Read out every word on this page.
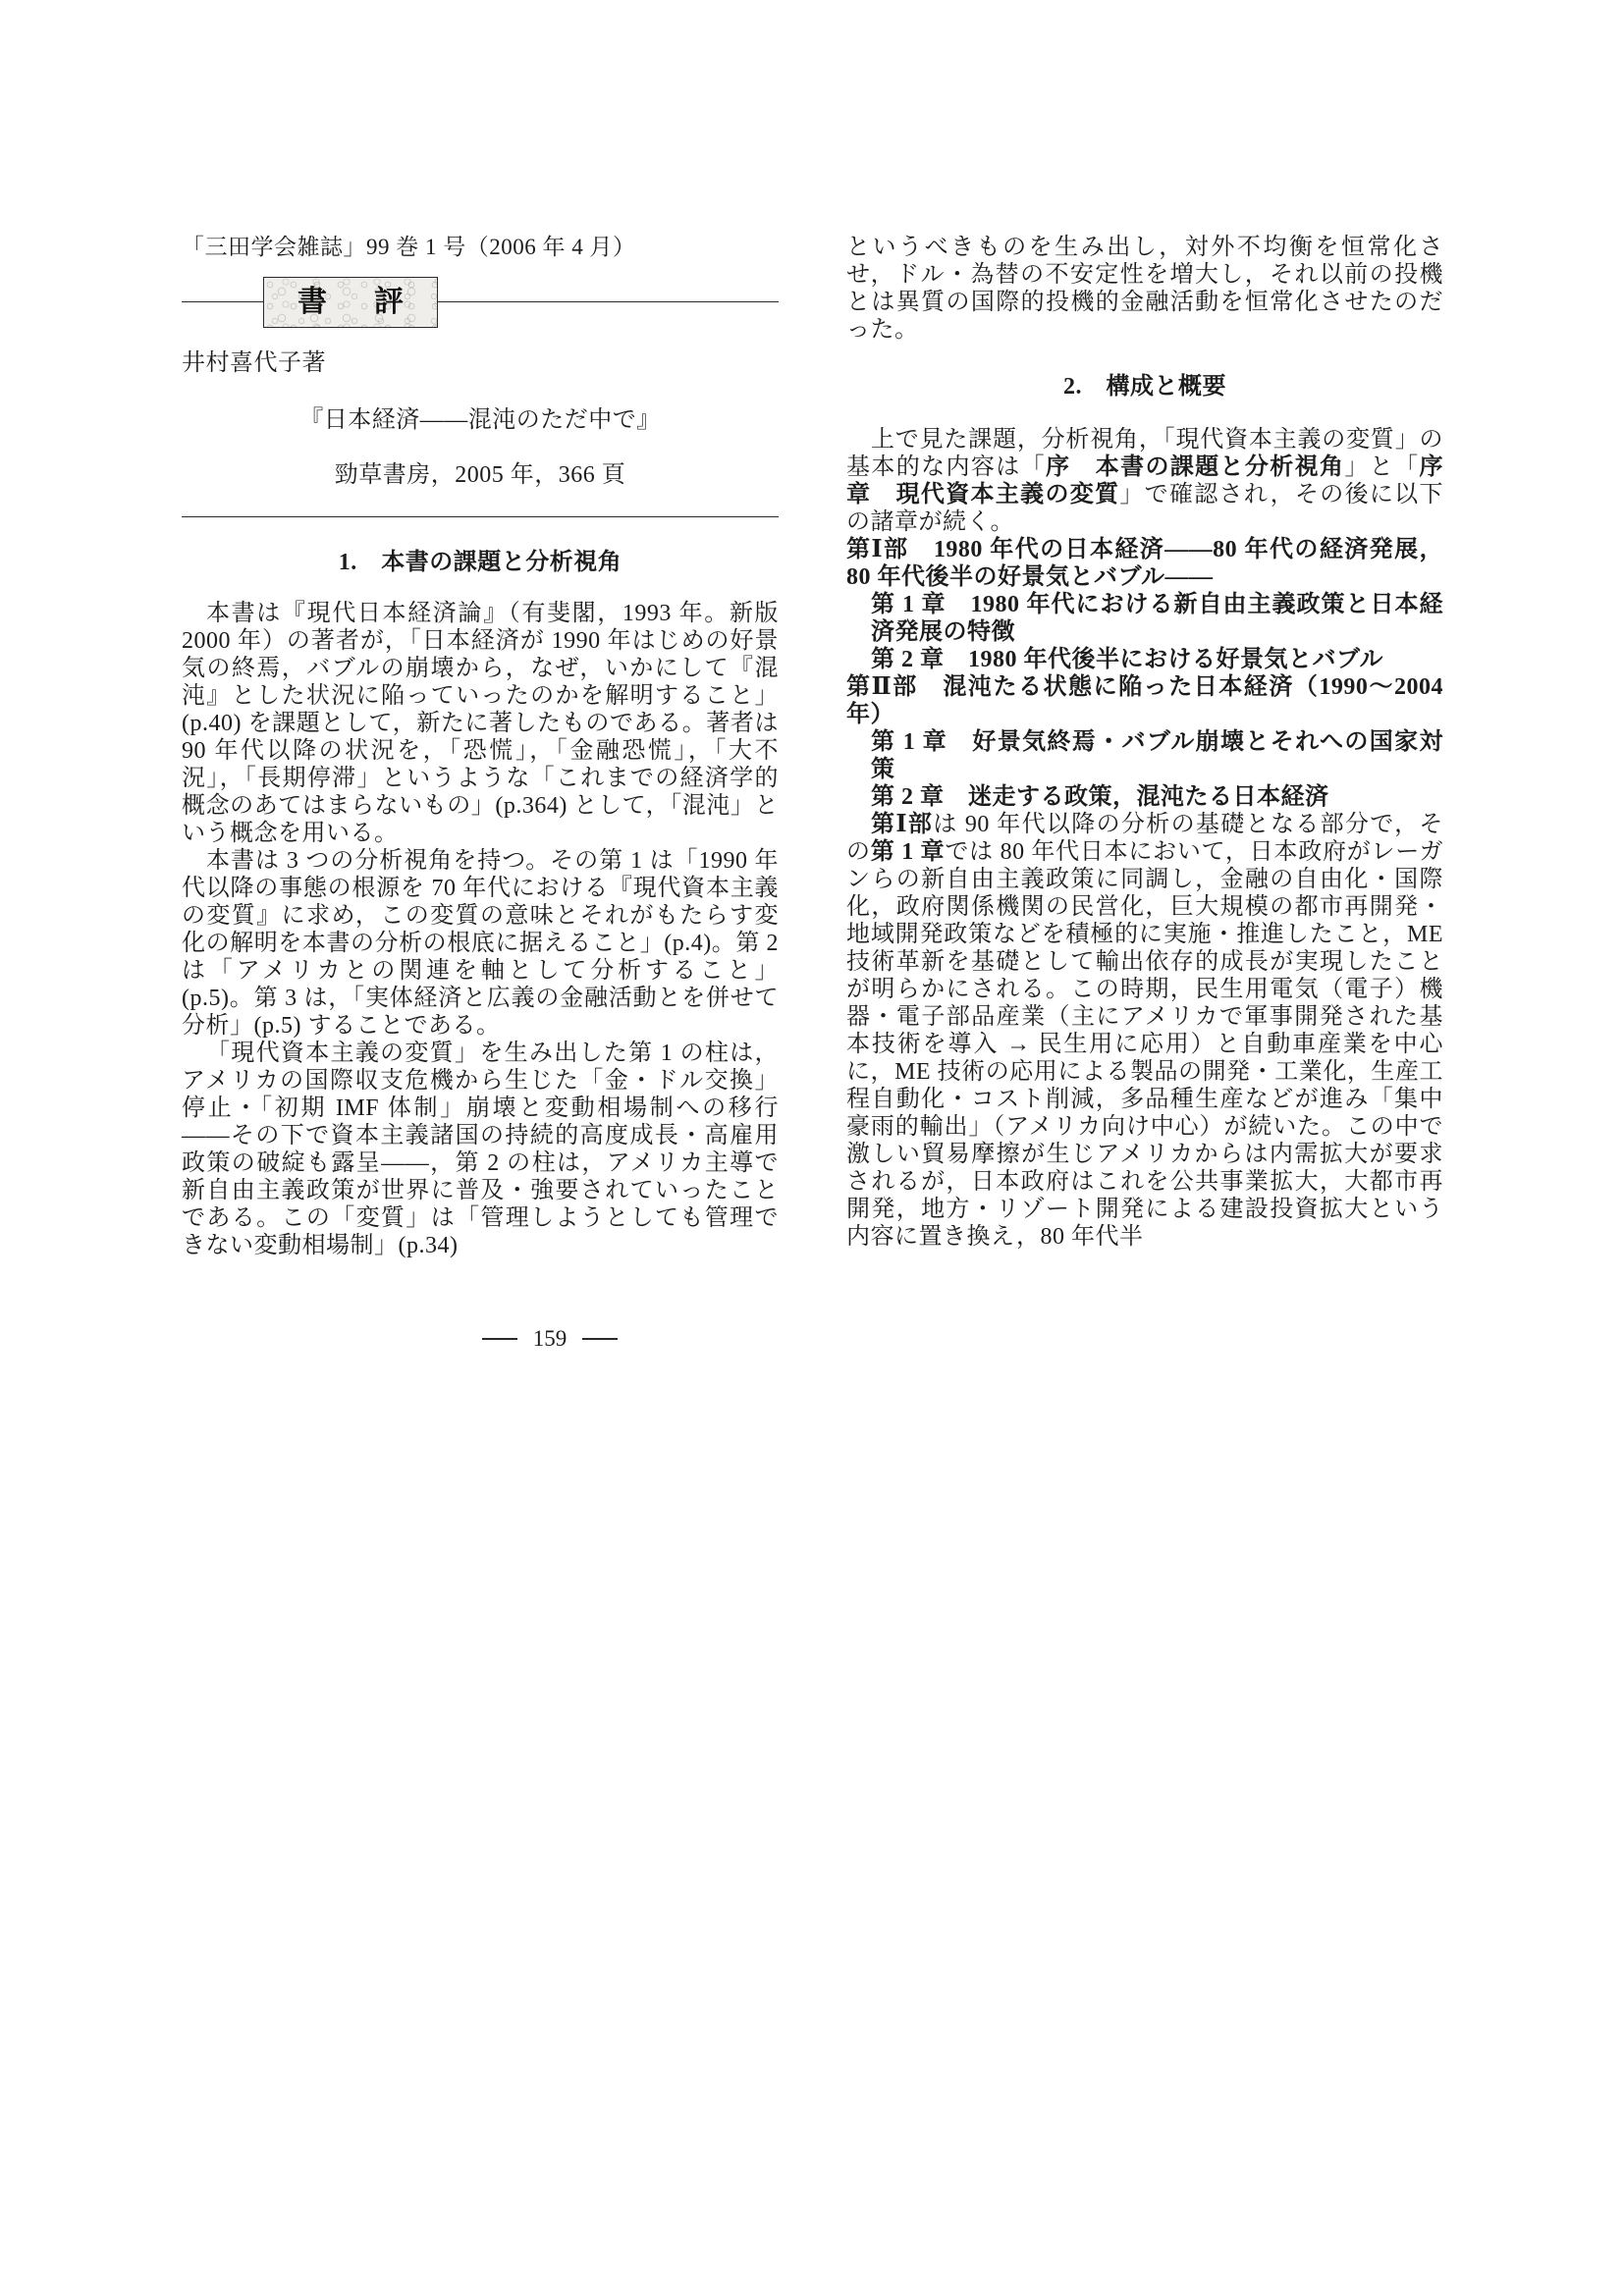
「三田学会雑誌」99 巻 1 号（2006 年 4 月）
書 評
井村喜代子著
『日本経済――混沌のただ中で』
勁草書房，2005 年，366 頁
1.　本書の課題と分析視角

本書は『現代日本経済論』（有斐閣，1993 年。新版 2000 年）の著者が，「日本経済が 1990 年はじめの好景気の終焉，バブルの崩壊から，なぜ，いかにして『混沌』とした状況に陥っていったのかを解明すること」(p.40) を課題として，新たに著したものである。著者は 90 年代以降の状況を，「恐慌」，「金融恐慌」，「大不況」，「長期停滞」というような「これまでの経済学的概念のあてはまらないもの」(p.364) として，「混沌」という概念を用いる。

本書は 3 つの分析視角を持つ。その第 1 は「1990 年代以降の事態の根源を 70 年代における『現代資本主義の変質』に求め，この変質の意味とそれがもたらす変化の解明を本書の分析の根底に据えること」(p.4)。第 2 は「アメリカとの関連を軸として分析すること」(p.5)。第 3 は，「実体経済と広義の金融活動とを併せて分析」(p.5) することである。

「現代資本主義の変質」を生み出した第 1 の柱は，アメリカの国際収支危機から生じた「金・ドル交換」停止・「初期 IMF 体制」崩壊と変動相場制への移行――その下で資本主義諸国の持続的高度成長・高雇用政策の破綻も露呈――，第 2 の柱は，アメリカ主導で新自由主義政策が世界に普及・強要されていったことである。この「変質」は「管理しようとしても管理できない変動相場制」(p.34)

というべきものを生み出し，対外不均衡を恒常化させ，ドル・為替の不安定性を増大し，それ以前の投機とは異質の国際的投機的金融活動を恒常化させたのだった。

2.　構成と概要

上で見た課題，分析視角，「現代資本主義の変質」の基本的な内容は「序　本書の課題と分析視角」と「序章　現代資本主義の変質」で確認され，その後に以下の諸章が続く。

第Ⅰ部　1980 年代の日本経済――80 年代の経済発展，80 年代後半の好景気とバブル――

第 1 章　1980 年代における新自由主義政策と日本経済発展の特徴

第 2 章　1980 年代後半における好景気とバブル

第Ⅱ部　混沌たる状態に陥った日本経済（1990～2004 年）

第 1 章　好景気終焉・バブル崩壊とそれへの国家対策

第 2 章　迷走する政策，混沌たる日本経済

第Ⅰ部は 90 年代以降の分析の基礎となる部分で，その第 1 章では 80 年代日本において，日本政府がレーガンらの新自由主義政策に同調し，金融の自由化・国際化，政府関係機関の民営化，巨大規模の都市再開発・地域開発政策などを積極的に実施・推進したこと，ME 技術革新を基礎として輸出依存的成長が実現したことが明らかにされる。この時期，民生用電気（電子）機器・電子部品産業（主にアメリカで軍事開発された基本技術を導入 → 民生用に応用）と自動車産業を中心に，ME 技術の応用による製品の開発・工業化，生産工程自動化・コスト削減，多品種生産などが進み「集中豪雨的輸出」（アメリカ向け中心）が続いた。この中で激しい貿易摩擦が生じアメリカからは内需拡大が要求されるが，日本政府はこれを公共事業拡大，大都市再開発，地方・リゾート開発による建設投資拡大という内容に置き換え，80 年代半

159
